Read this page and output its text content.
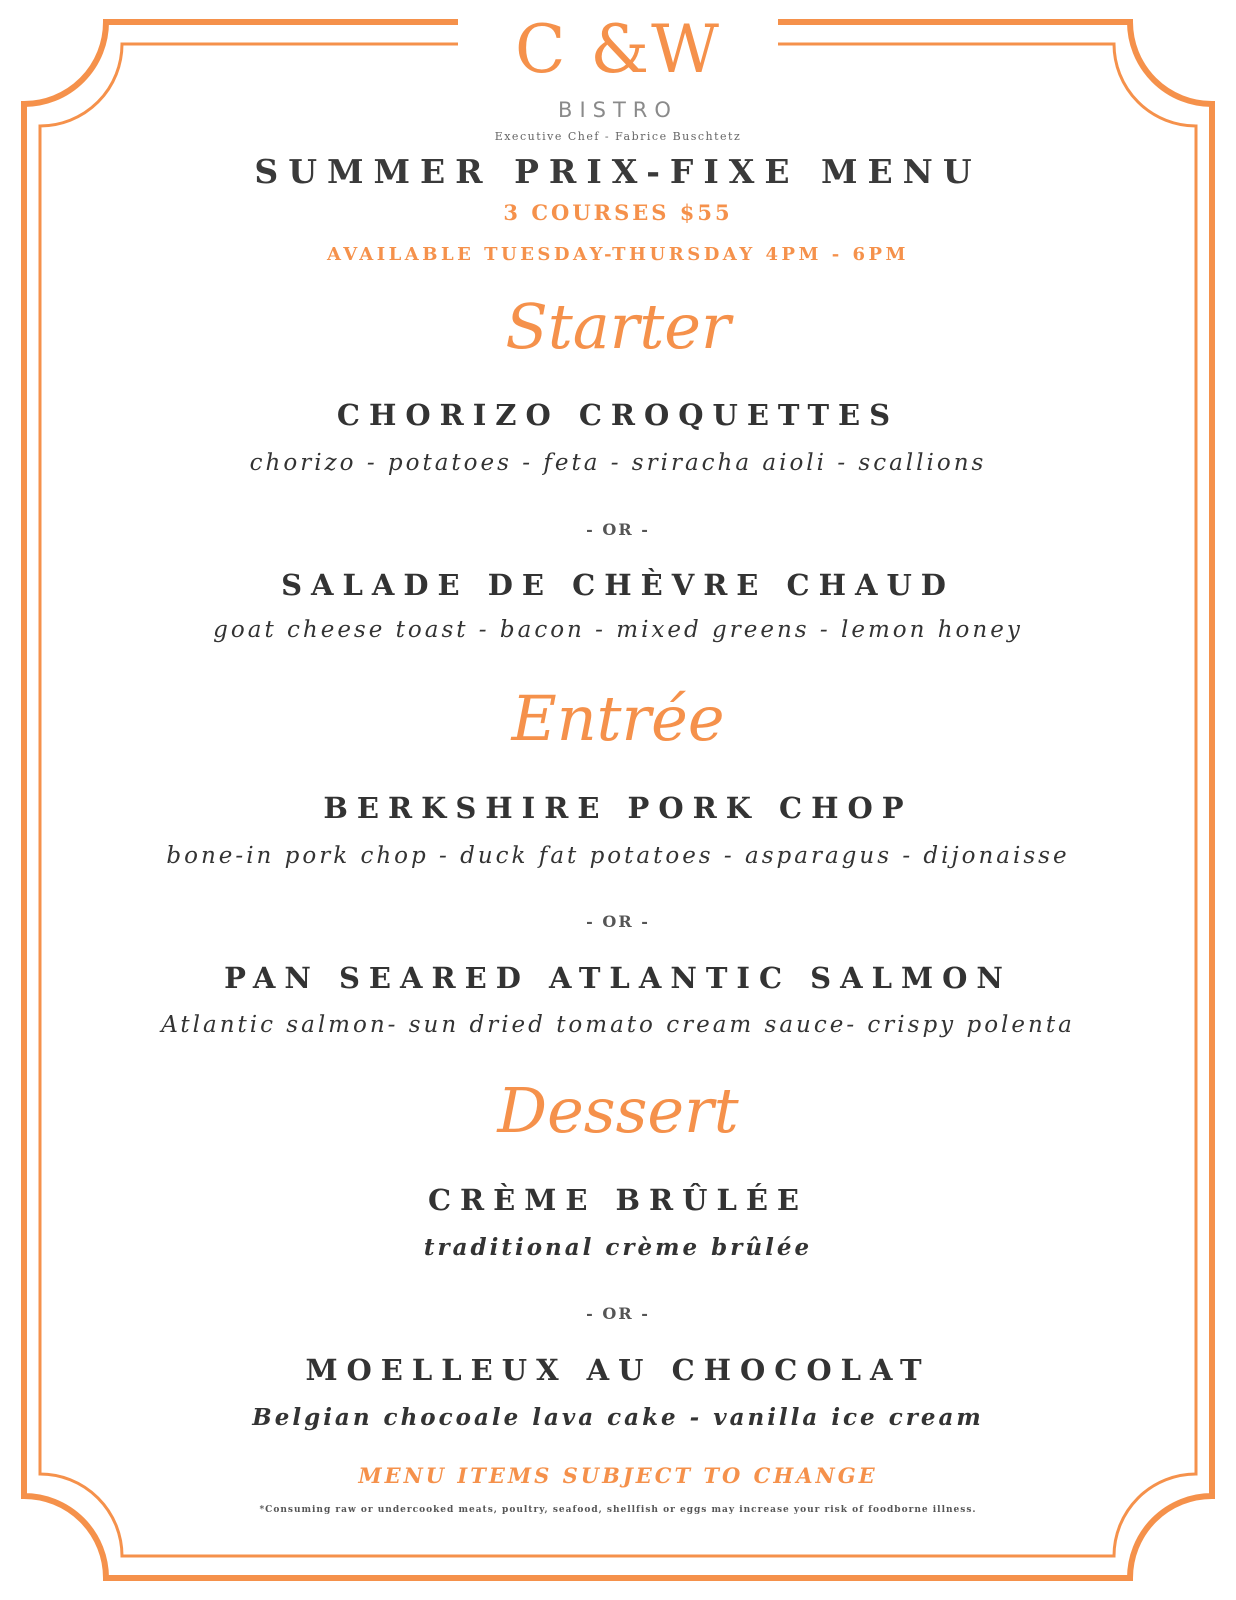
C &W
BISTRO
Executive Chef - Fabrice Buschtetz
SUMMER PRIX-FIXE MENU
3 COURSES $55
AVAILABLE TUESDAY-THURSDAY 4PM - 6PM
Starter
CHORIZO CROQUETTES
chorizo - potatoes - feta - sriracha aioli - scallions
- OR -
SALADE DE CHÈVRE CHAUD
goat cheese toast - bacon - mixed greens - lemon honey
Entrée
BERKSHIRE PORK CHOP
bone-in pork chop - duck fat potatoes - asparagus - dijonaisse
- OR -
PAN SEARED ATLANTIC SALMON
Atlantic salmon- sun dried tomato cream sauce- crispy polenta
Dessert
CRÈME BRÛLÉE
traditional crème brûlée
- OR -
MOELLEUX AU CHOCOLAT
Belgian chocoale lava cake - vanilla ice cream
MENU ITEMS SUBJECT TO CHANGE
*Consuming raw or undercooked meats, poultry, seafood, shellfish or eggs may increase your risk of foodborne illness.
